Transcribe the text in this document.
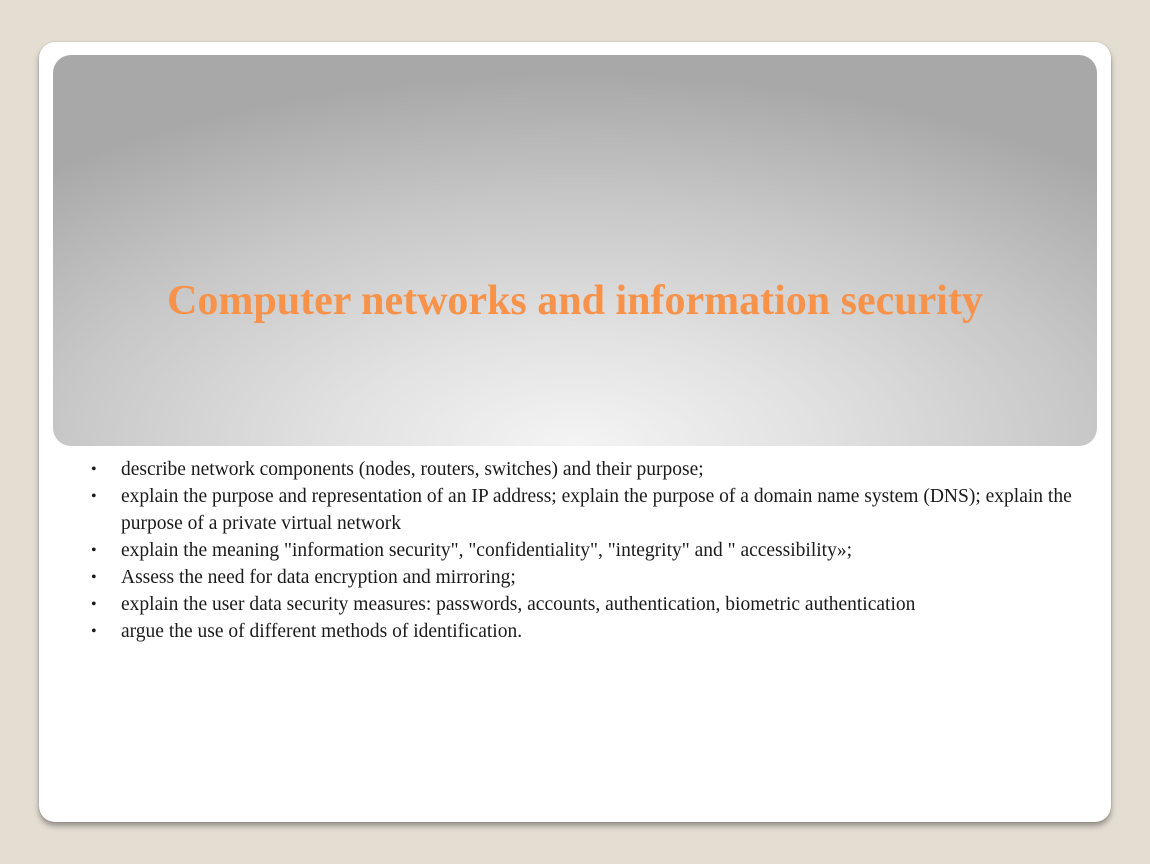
Computer networks and information security
• describe network components (nodes, routers, switches) and their purpose;
• explain the purpose and representation of an IP address; explain the purpose of a domain name system (DNS); explain the purpose of a private virtual network
• explain the meaning "information security", "confidentiality", "integrity" and " accessibility»;
• Assess the need for data encryption and mirroring;
• explain the user data security measures: passwords, accounts, authentication, biometric authentication
• argue the use of different methods of identification.
